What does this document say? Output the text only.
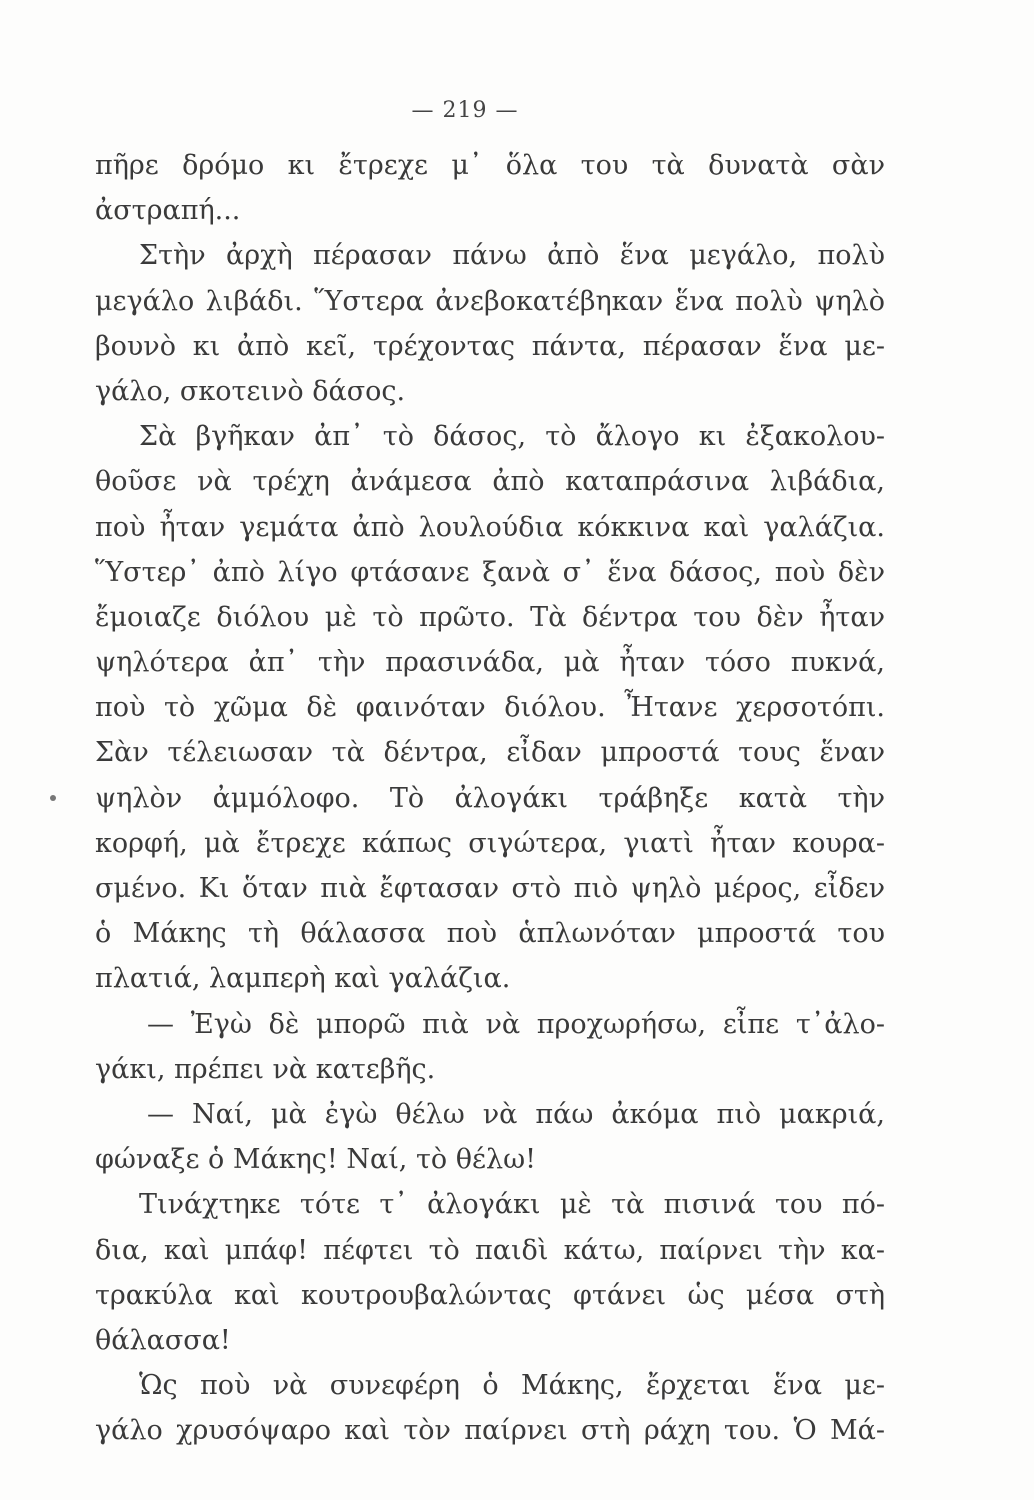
— 219 —
πῆρε δρόμο κι ἔτρεχε μ᾽ ὅλα του τὰ δυνατὰ σὰν
ἀστραπή...
Στὴν ἀρχὴ πέρασαν πάνω ἀπὸ ἕνα μεγάλο, πολὺ
μεγάλο λιβάδι. Ὕστερα ἀνεβοκατέβηκαν ἕνα πολὺ ψηλὸ
βουνὸ κι ἀπὸ κεῖ, τρέχοντας πάντα, πέρασαν ἕνα με-
γάλο, σκοτεινὸ δάσος.
Σὰ βγῆκαν ἀπ᾽ τὸ δάσος, τὸ ἄλογο κι ἐξακολου-
θοῦσε νὰ τρέχη ἀνάμεσα ἀπὸ καταπράσινα λιβάδια,
ποὺ ἦταν γεμάτα ἀπὸ λουλούδια κόκκινα καὶ γαλάζια.
Ὕστερ᾽ ἀπὸ λίγο φτάσανε ξανὰ σ᾽ ἕνα δάσος, ποὺ δὲν
ἔμοιαζε διόλου μὲ τὸ πρῶτο. Τὰ δέντρα του δὲν ἦταν
ψηλότερα ἀπ᾽ τὴν πρασινάδα, μὰ ἦταν τόσο πυκνά,
ποὺ τὸ χῶμα δὲ φαινόταν διόλου. Ἦτανε χερσοτόπι.
Σὰν τέλειωσαν τὰ δέντρα, εἶδαν μπροστά τους ἕναν
ψηλὸν ἀμμόλοφο. Τὸ ἀλογάκι τράβηξε κατὰ τὴν
κορφή, μὰ ἔτρεχε κάπως σιγώτερα, γιατὶ ἦταν κουρα-
σμένο. Κι ὅταν πιὰ ἔφτασαν στὸ πιὸ ψηλὸ μέρος, εἶδεν
ὁ Μάκης τὴ θάλασσα ποὺ ἁπλωνόταν μπροστά του
πλατιά, λαμπερὴ καὶ γαλάζια.
— Ἐγὼ δὲ μπορῶ πιὰ νὰ προχωρήσω, εἶπε τ᾽ἀλο-
γάκι, πρέπει νὰ κατεβῆς.
— Ναί, μὰ ἐγὼ θέλω νὰ πάω ἀκόμα πιὸ μακριά,
φώναξε ὁ Μάκης! Ναί, τὸ θέλω!
Τινάχτηκε τότε τ᾽ ἀλογάκι μὲ τὰ πισινά του πό-
δια, καὶ μπάφ! πέφτει τὸ παιδὶ κάτω, παίρνει τὴν κα-
τρακύλα καὶ κουτρουβαλώντας φτάνει ὡς μέσα στὴ
θάλασσα!
Ὡς ποὺ νὰ συνεφέρη ὁ Μάκης, ἔρχεται ἕνα με-
γάλο χρυσόψαρο καὶ τὸν παίρνει στὴ ράχη του. Ὁ Μά-
